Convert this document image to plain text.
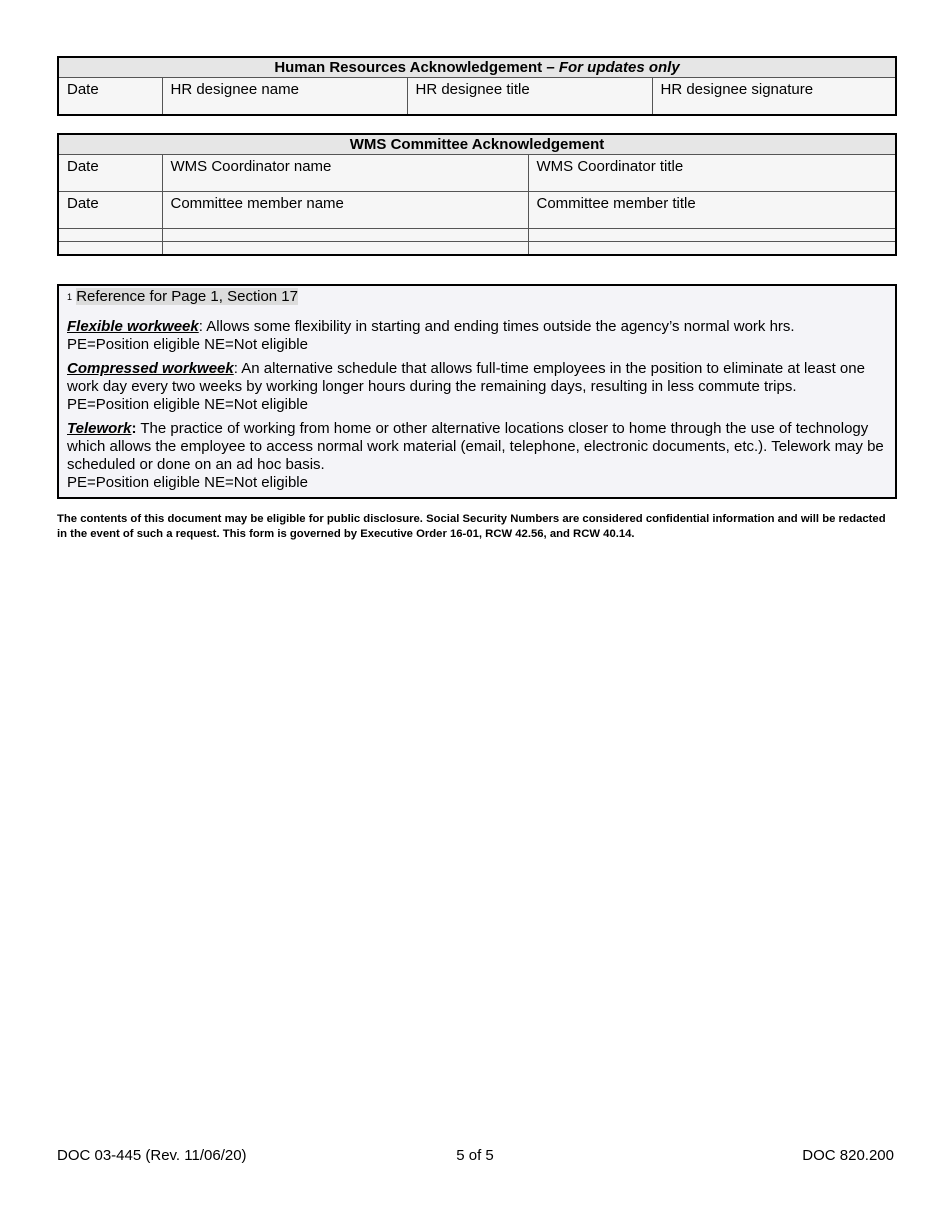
Human Resources Acknowledgement – For updates only
Date	HR designee name	HR designee title	HR designee signature
WMS Committee Acknowledgement		
Date	WMS Coordinator name	WMS Coordinator title
Date	Committee member name	Committee member title

$^1$ Reference for Page 1, Section 17
Flexible workweek: Allows some flexibility in starting and ending times outside the agency’s normal work hrs.
PE=Position eligible NE=Not eligible
Compressed workweek: An alternative schedule that allows full-time employees in the position to eliminate at least one work day every two weeks by working longer hours during the remaining days, resulting in less commute trips.
PE=Position eligible NE=Not eligible
Telework: The practice of working from home or other alternative locations closer to home through the use of technology which allows the employee to access normal work material (email, telephone, electronic documents, etc.). Telework may be scheduled or done on an ad hoc basis.
PE=Position eligible NE=Not eligible
The contents of this document may be eligible for public disclosure. Social Security Numbers are considered confidential information and will be redacted in the event of such a request. This form is governed by Executive Order 16-01, RCW 42.56, and RCW 40.14.
DOC 03-445 (Rev. 11/06/20)	5 of 5	DOC 820.200
